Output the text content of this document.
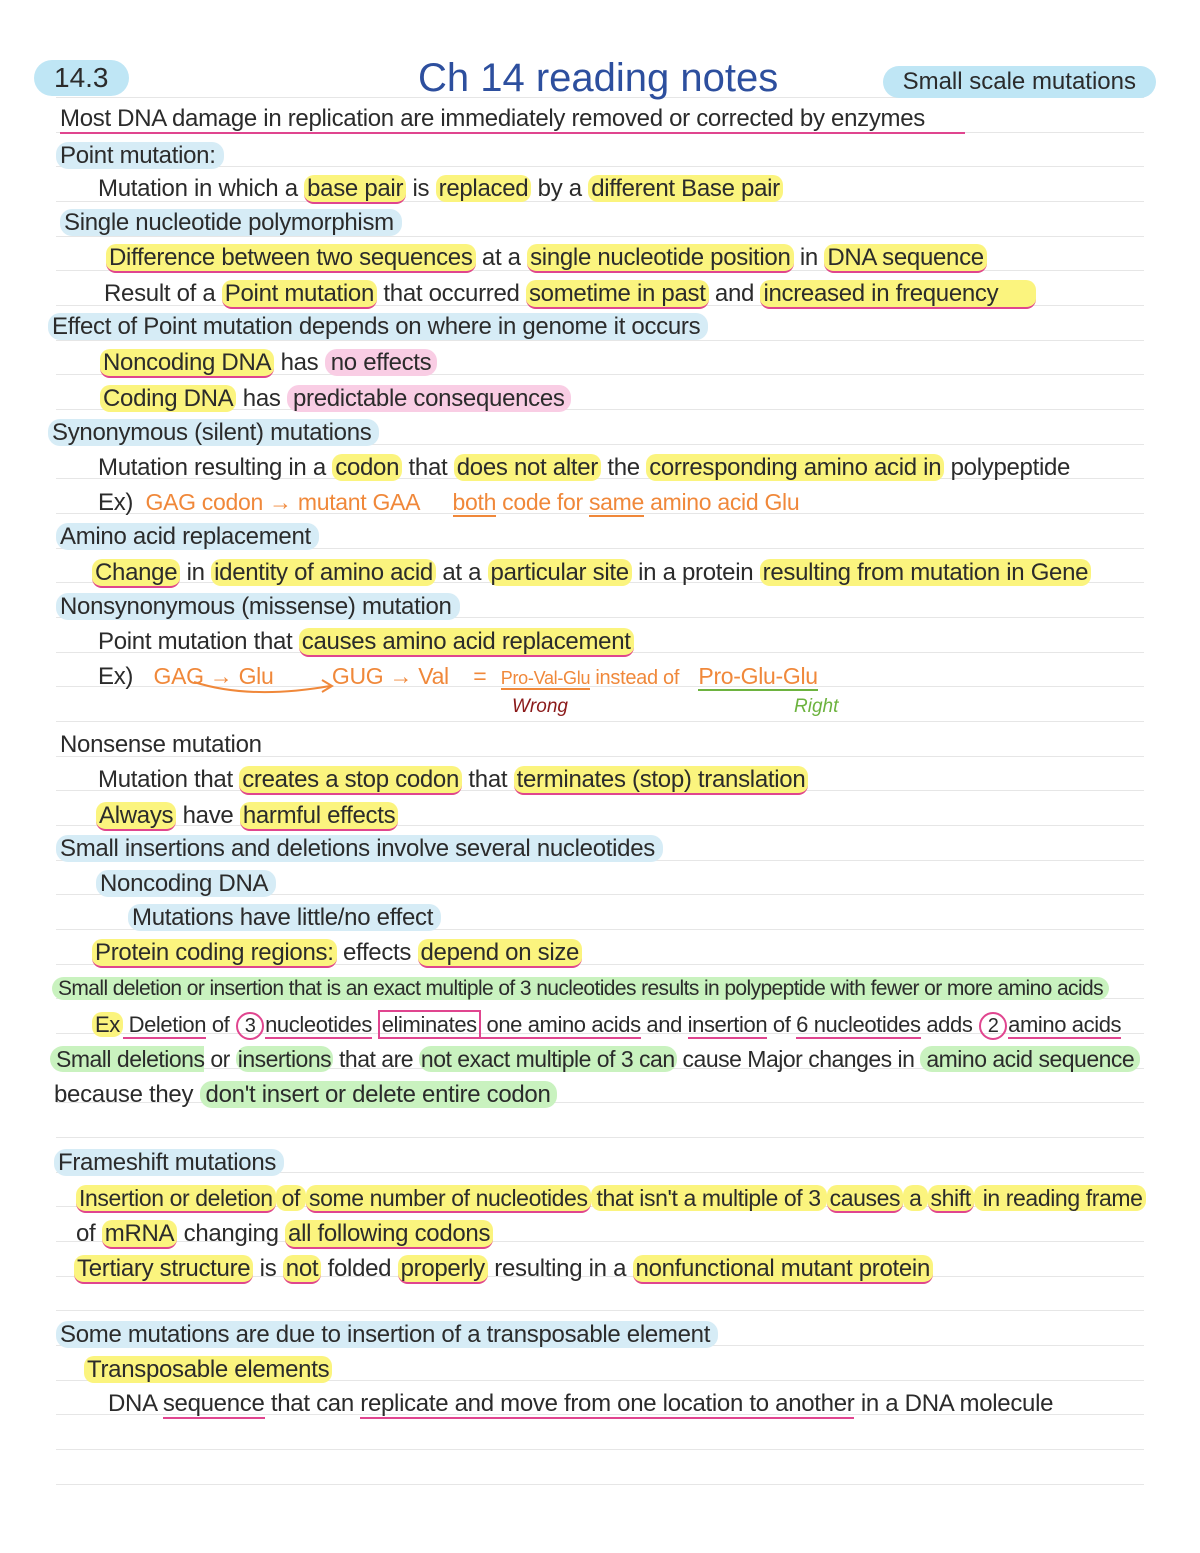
14.3	Ch 14 reading notes	Small scale mutations
Most DNA damage in replication are immediately removed or corrected by enzymes
Point mutation:
Mutation in which a base pair is replaced by a different Base pair
Single nucleotide polymorphism
Difference between two sequences at a single nucleotide position in DNA sequence
Result of a Point mutation that occurred sometime in past and increased in frequency
Effect of Point mutation depends on where in genome it occurs
Noncoding DNA has no effects
Coding DNA has predictable consequences
Synonymous (silent) mutations
Mutation resulting in a codon that does not alter the corresponding amino acid in polypeptide
Ex) GAG codon → mutant GAA both code for same amino acid Glu
Amino acid replacement
Change in identity of amino acid at a particular site in a protein resulting from mutation in Gene
Nonsynonymous (missense) mutation
Point mutation that causes amino acid replacement
Ex) GAG → Glu	GUG → Val = Pro-Val-Glu instead of Pro-Glu-Glu
Wrong	Right
Nonsense mutation
Mutation that creates a stop codon that terminates (stop) translation
Always have harmful effects
Small insertions and deletions involve several nucleotides
Noncoding DNA
Mutations have little/no effect
Protein coding regions: effects depend on size
Small deletion or insertion that is an exact multiple of 3 nucleotides results in polypeptide with fewer or more amino acids
Ex Deletion of 3 nucleotides eliminates one amino acids and insertion of 6 nucleotides adds 2 amino acids
Small deletions or insertions that are not exact multiple of 3 can cause Major changes in amino acid sequence
because they don't insert or delete entire codon
Frameshift mutations
Insertion or deletion of some number of nucleotides that isn't a multiple of 3 causes a shift in reading frame
of mRNA changing all following codons
Tertiary structure is not folded properly resulting in a nonfunctional mutant protein
Some mutations are due to insertion of a transposable element
Transposable elements
DNA sequence that can replicate and move from one location to another in a DNA molecule
